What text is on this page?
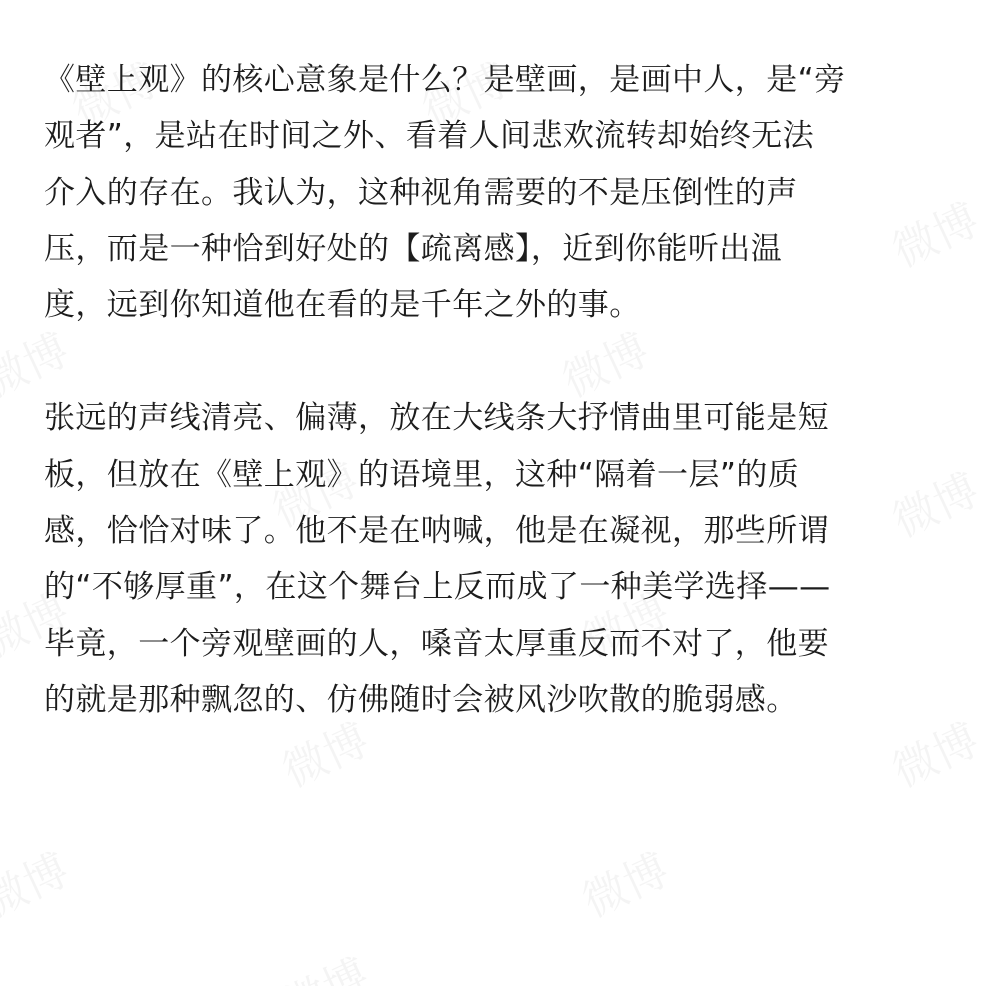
《壁上观》的核心意象是什么？是壁画，是画中人，是“旁
观者”，是站在时间之外、看着人间悲欢流转却始终无法
介入的存在。我认为，这种视角需要的不是压倒性的声
压，而是一种恰到好处的【疏离感】，近到你能听出温
度，远到你知道他在看的是千年之外的事。

张远的声线清亮、偏薄，放在大线条大抒情曲里可能是短
板，但放在《壁上观》的语境里，这种“隔着一层”的质
感，恰恰对味了。他不是在呐喊，他是在凝视，那些所谓
的“不够厚重”，在这个舞台上反而成了一种美学选择——
毕竟，一个旁观壁画的人，嗓音太厚重反而不对了，他要
的就是那种飘忽的、仿佛随时会被风沙吹散的脆弱感。
